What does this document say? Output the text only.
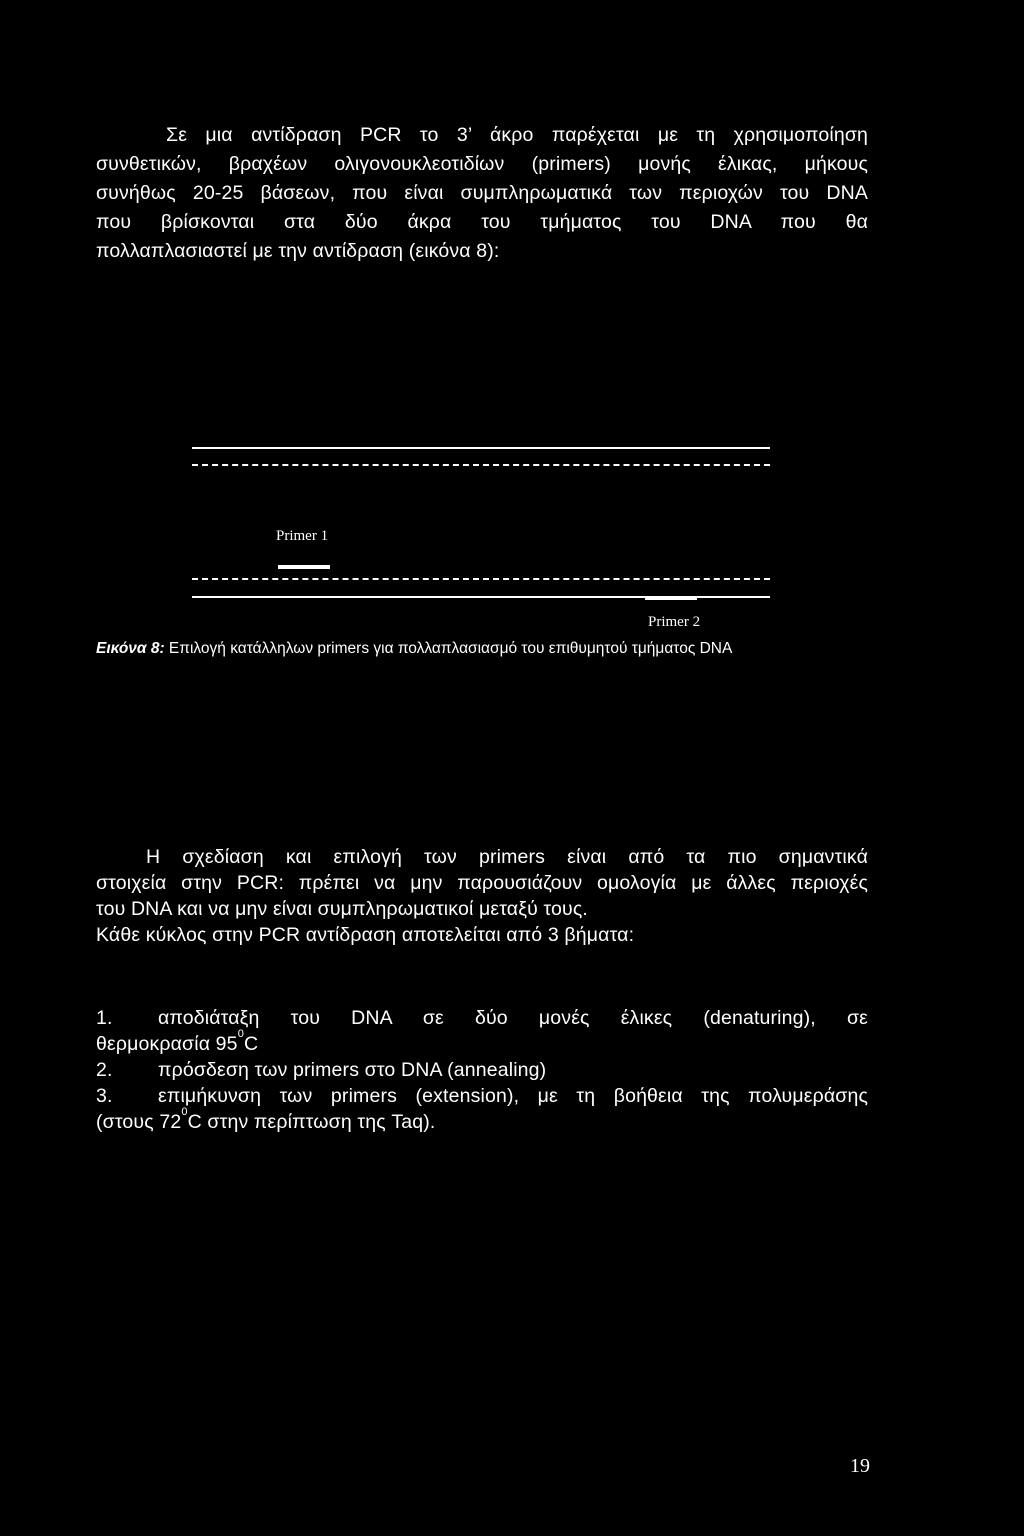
Σε μια αντίδραση PCR το 3’ άκρο παρέχεται με τη χρησιμοποίηση
συνθετικών, βραχέων ολιγονουκλεοτιδίων (primers) μονής έλικας, μήκους
συνήθως 20-25 βάσεων, που είναι συμπληρωματικά των περιοχών του DNA
που βρίσκονται στα δύο άκρα του τμήματος του DNA που θα
πολλαπλασιαστεί με την αντίδραση (εικόνα 8):
Primer 1
Primer 2
Εικόνα 8: Επιλογή κατάλληλων primers για πολλαπλασιασμό του επιθυμητού τμήματος DNA
Η σχεδίαση και επιλογή των primers είναι από τα πιο σημαντικά
στοιχεία στην PCR: πρέπει να μην παρουσιάζουν ομολογία με άλλες περιοχές
του DNA και να μην είναι συμπληρωματικοί μεταξύ τους.
Κάθε κύκλος στην PCR αντίδραση αποτελείται από 3 βήματα:
1. αποδιάταξη του DNA σε δύο μονές έλικες (denaturing), σε
θερμοκρασία $95^0C$
2. πρόσδεση των primers στο DNA (annealing)
3. επιμήκυνση των primers (extension), με τη βοήθεια της πολυμεράσης
(στους $72^0C$ στην περίπτωση της Taq).
19
